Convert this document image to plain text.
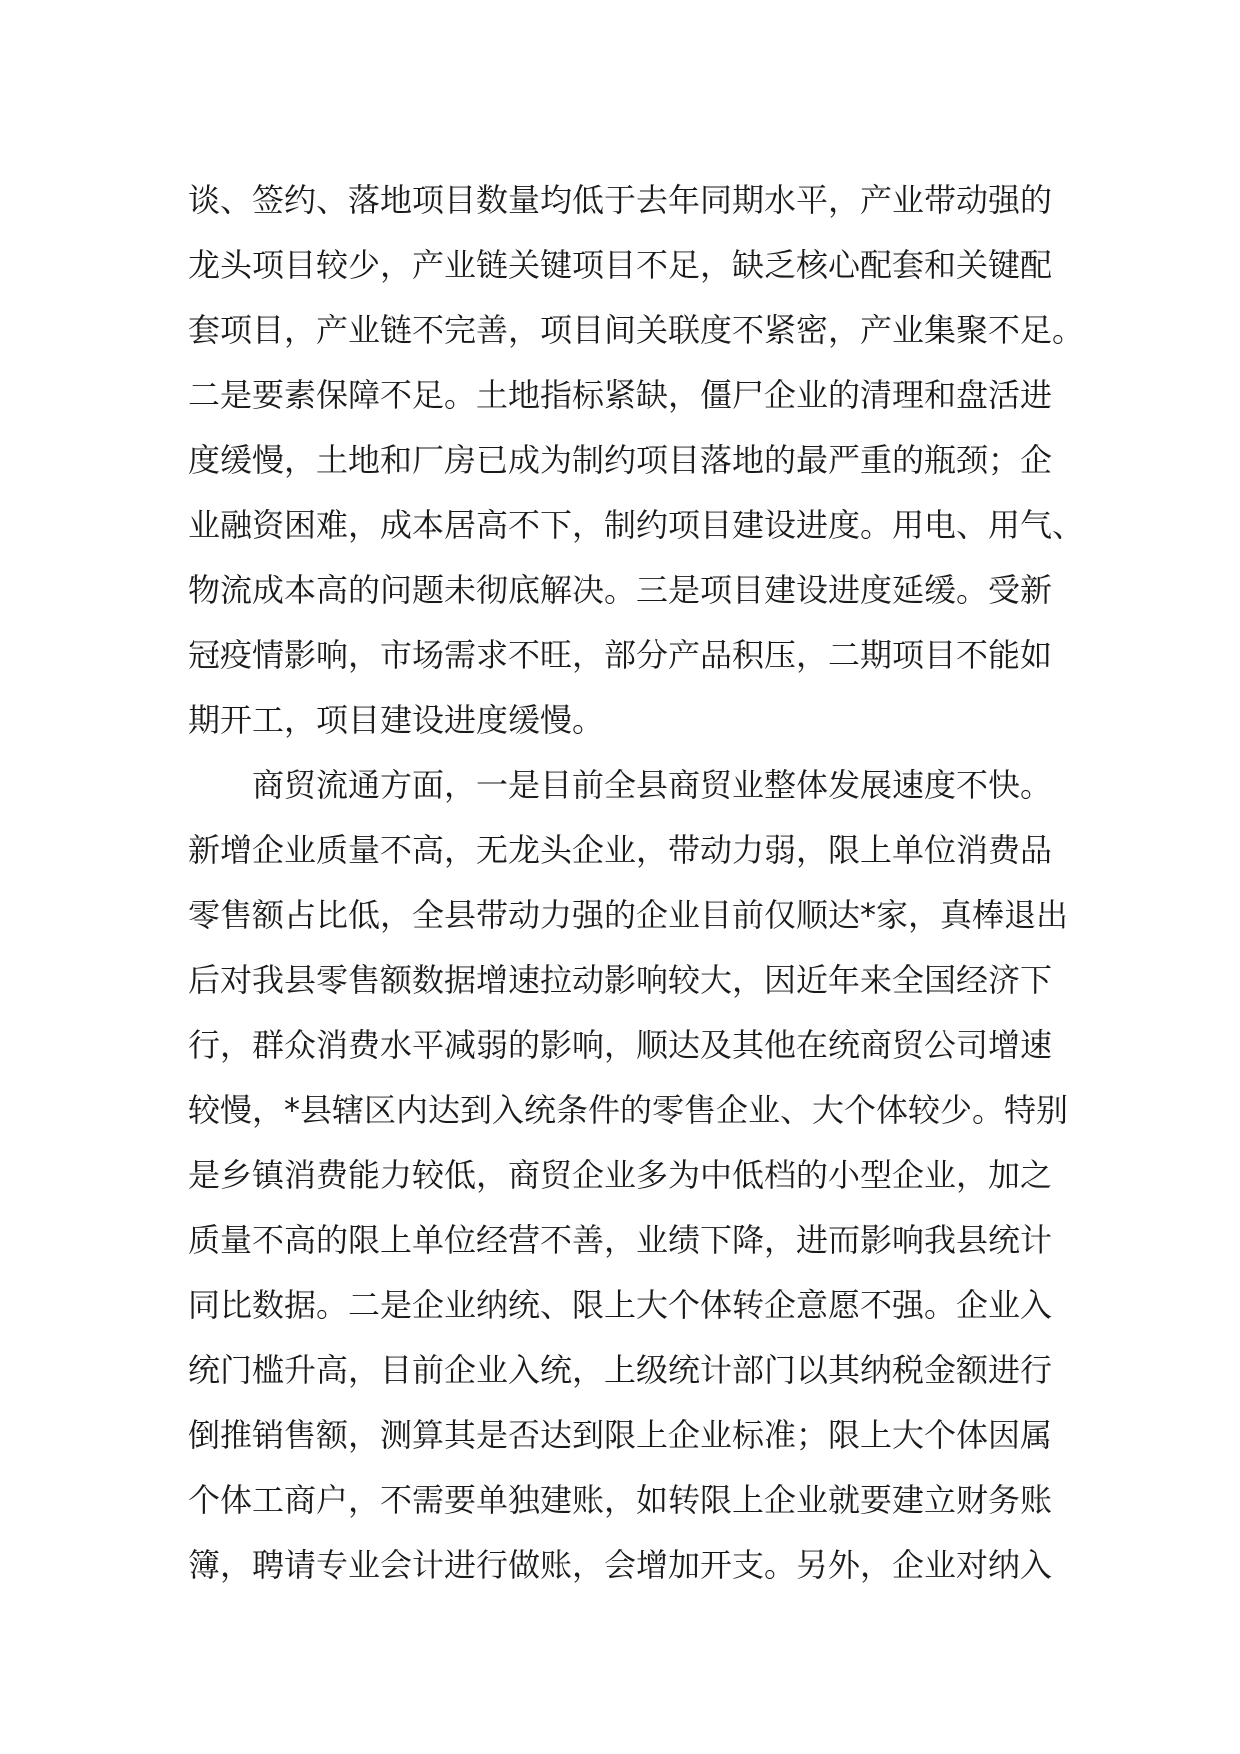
谈、签约、落地项目数量均低于去年同期水平，产业带动强的
龙头项目较少，产业链关键项目不足，缺乏核心配套和关键配
套项目，产业链不完善，项目间关联度不紧密，产业集聚不足。
二是要素保障不足。土地指标紧缺，僵尸企业的清理和盘活进
度缓慢，土地和厂房已成为制约项目落地的最严重的瓶颈；企
业融资困难，成本居高不下，制约项目建设进度。用电、用气、
物流成本高的问题未彻底解决。三是项目建设进度延缓。受新
冠疫情影响，市场需求不旺，部分产品积压，二期项目不能如
期开工，项目建设进度缓慢。
商贸流通方面，一是目前全县商贸业整体发展速度不快。
新增企业质量不高，无龙头企业，带动力弱，限上单位消费品
零售额占比低，全县带动力强的企业目前仅顺达*家，真棒退出
后对我县零售额数据增速拉动影响较大，因近年来全国经济下
行，群众消费水平减弱的影响，顺达及其他在统商贸公司增速
较慢，*县辖区内达到入统条件的零售企业、大个体较少。特别
是乡镇消费能力较低，商贸企业多为中低档的小型企业，加之
质量不高的限上单位经营不善，业绩下降，进而影响我县统计
同比数据。二是企业纳统、限上大个体转企意愿不强。企业入
统门槛升高，目前企业入统，上级统计部门以其纳税金额进行
倒推销售额，测算其是否达到限上企业标准；限上大个体因属
个体工商户，不需要单独建账，如转限上企业就要建立财务账
簿，聘请专业会计进行做账，会增加开支。另外，企业对纳入
